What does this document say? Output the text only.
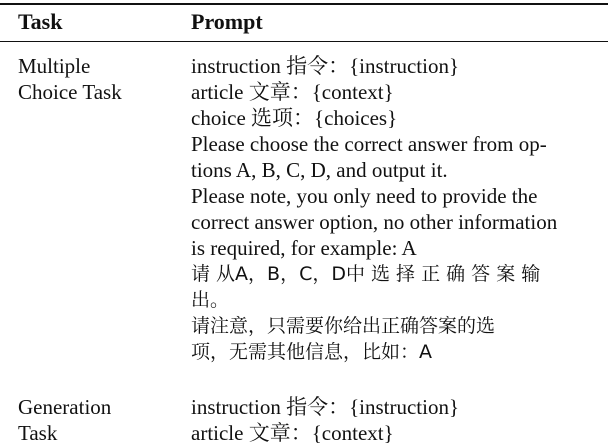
Task	Prompt
Multiple
Choice Task
instruction 指令：{instruction}
article 文章：{context}
choice 选项：{choices}
Please choose the correct answer from op-
tions A, B, C, D, and output it.
Please note, you only need to provide the
correct answer option, no other information
is required, for example: A
请 从A，B，C，D中 选 择 正 确 答 案 输
出。
请注意，只需要你给出正确答案的选
项，无需其他信息，比如：A
Generation
Task
instruction 指令：{instruction}
article 文章：{context}
